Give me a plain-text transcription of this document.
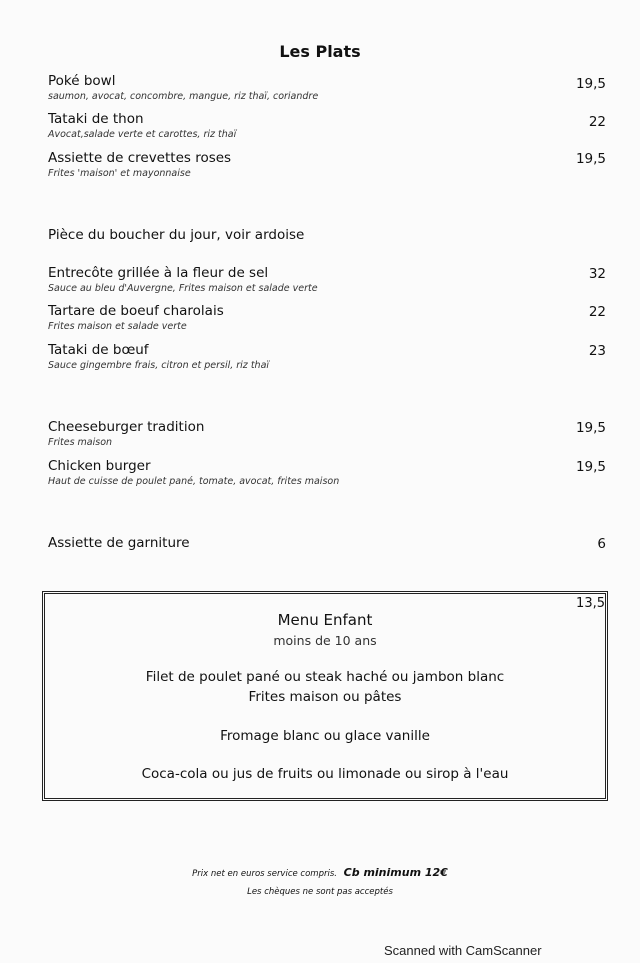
Les Plats
Poké bowl
saumon, avocat, concombre, mangue, riz thaï, coriandre
19,5
Tataki de thon
Avocat,salade verte et carottes, riz thaï
22
Assiette de crevettes roses
Frites 'maison' et mayonnaise
19,5
Pièce du boucher du jour, voir ardoise
Entrecôte grillée à la fleur de sel
Sauce au bleu d'Auvergne, Frites maison et salade verte
32
Tartare de boeuf charolais
Frites maison et salade verte
22
Tataki de bœuf
Sauce gingembre frais, citron et persil, riz thaï
23
Cheeseburger tradition
Frites maison
19,5
Chicken burger
Haut de cuisse de poulet pané, tomate, avocat, frites maison
19,5
Assiette de garniture	6
13,5
Menu Enfant
moins de 10 ans
Filet de poulet pané ou steak haché ou jambon blanc
Frites maison ou pâtes
Fromage blanc ou glace vanille
Coca-cola ou jus de fruits ou limonade ou sirop à l'eau
Prix net en euros service compris. Cb minimum 12€
Les chèques ne sont pas acceptés
Scanned with CamScanner
